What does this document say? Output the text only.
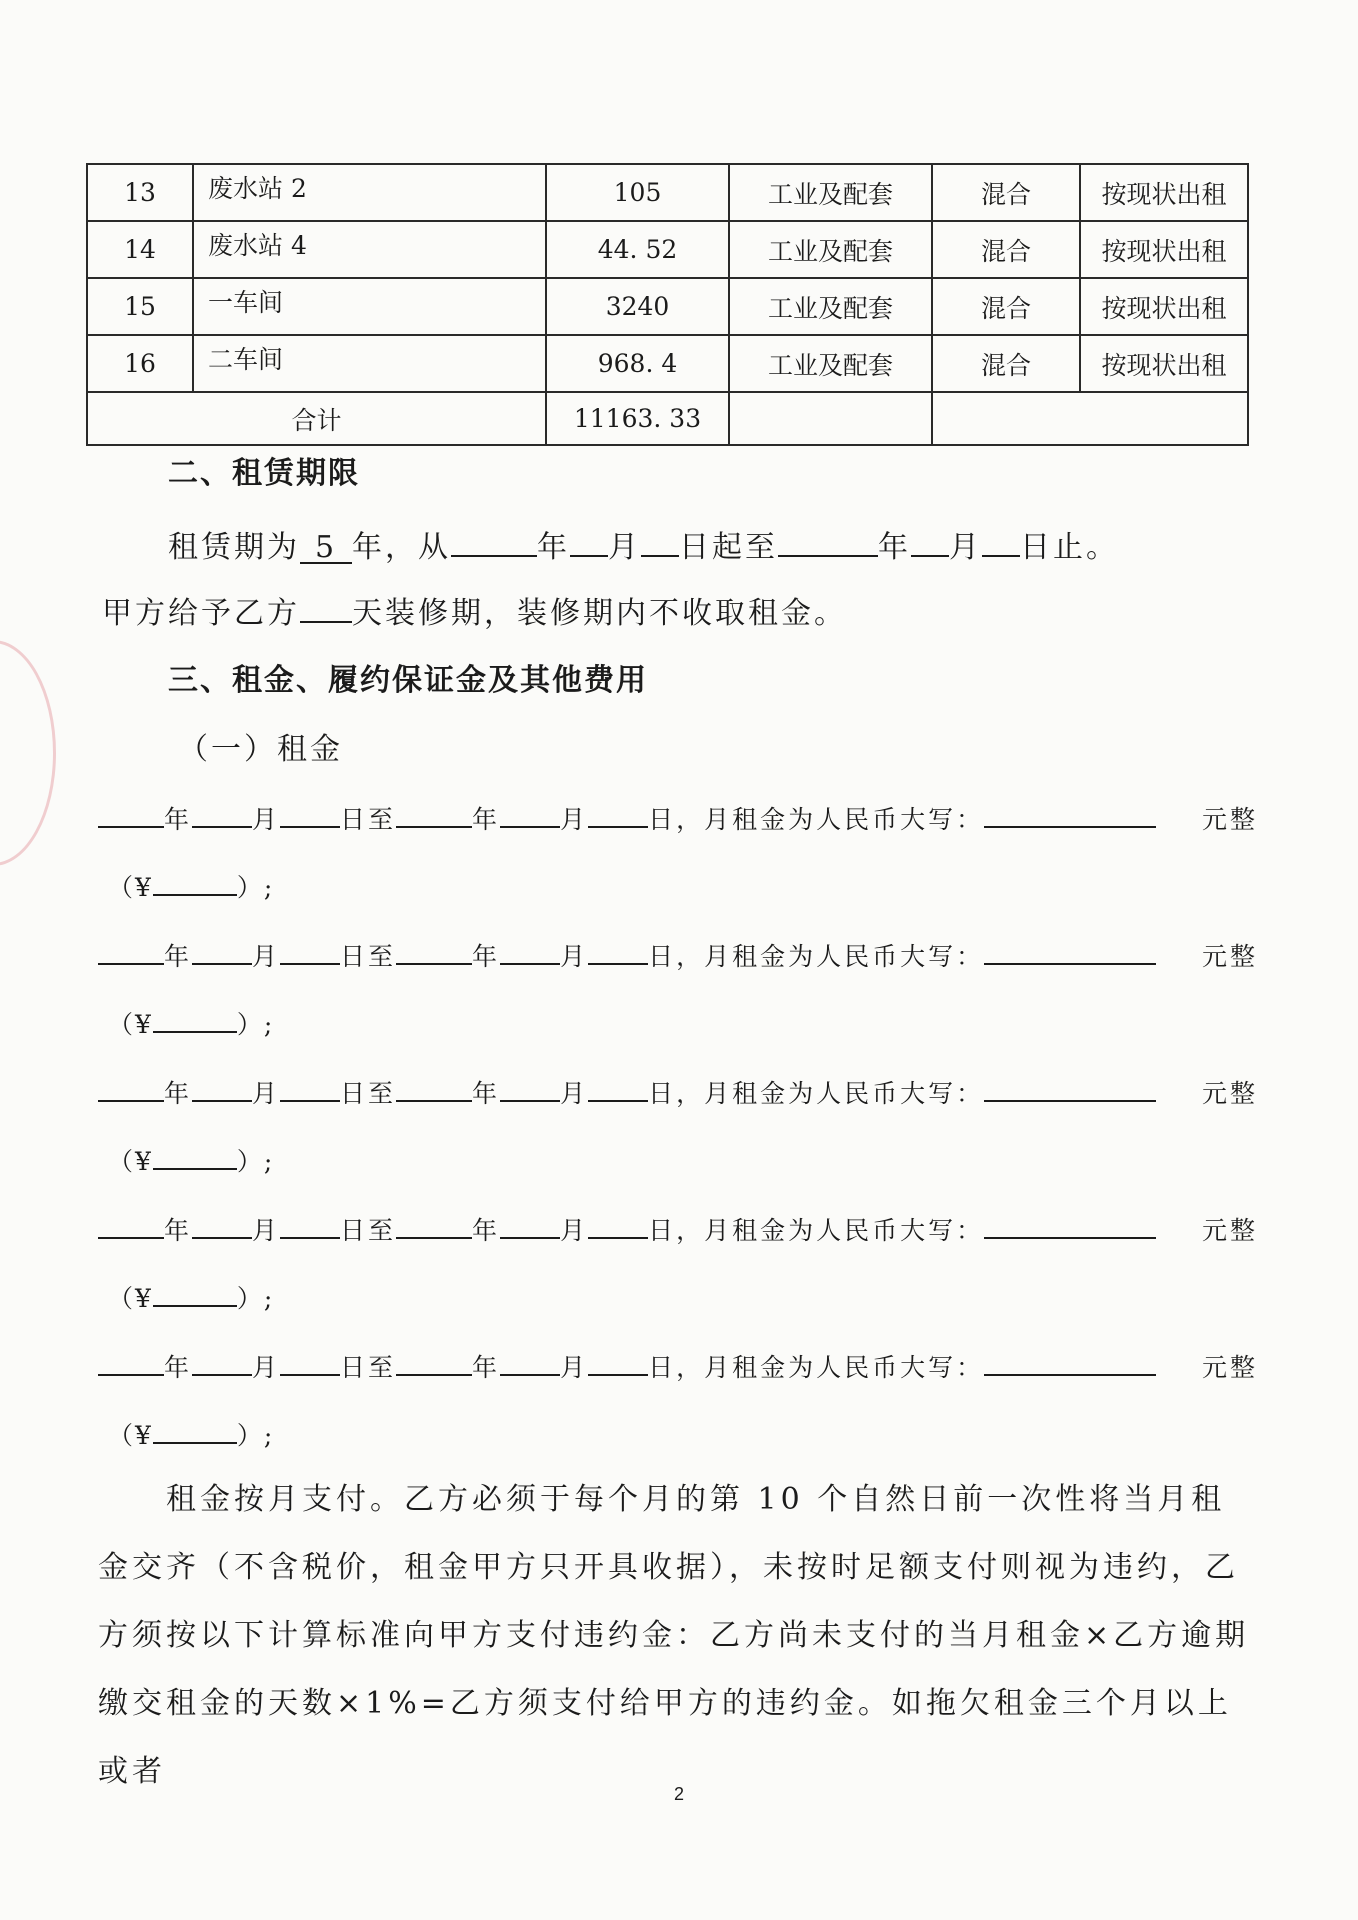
13	废水站 2	105	工业及配套	混合	按现状出租
14	废水站 4	44. 52	工业及配套	混合	按现状出租
15	一车间	3240	工业及配套	混合	按现状出租
16	二车间	968. 4	工业及配套	混合	按现状出租
合计		11163. 33			
二、租赁期限
租赁期为 5 年，从	年 月 日起至	年 月 日止。
甲方给予乙方 天装修期，装修期内不收取租金。
三、租金、履约保证金及其他费用
（一）租金
年 月 日至	年 月 日，月租金为人民币大写：	元整
（¥	）;
年 月 日至	年 月 日，月租金为人民币大写：	元整
（¥	）;
年 月 日至	年 月 日，月租金为人民币大写：	元整
（¥	）;
年 月 日至	年 月 日，月租金为人民币大写：	元整
（¥	）;
年 月 日至	年 月 日，月租金为人民币大写：	元整
（¥	）;
租金按月支付。乙方必须于每个月的第 10 个自然日前一次性将当月租金交齐（不含税价，租金甲方只开具收据），未按时足额支付则视为违约，乙方须按以下计算标准向甲方支付违约金：乙方尚未支付的当月租金×乙方逾期缴交租金的天数×1%=乙方须支付给甲方的违约金。如拖欠租金三个月以上或者
2
